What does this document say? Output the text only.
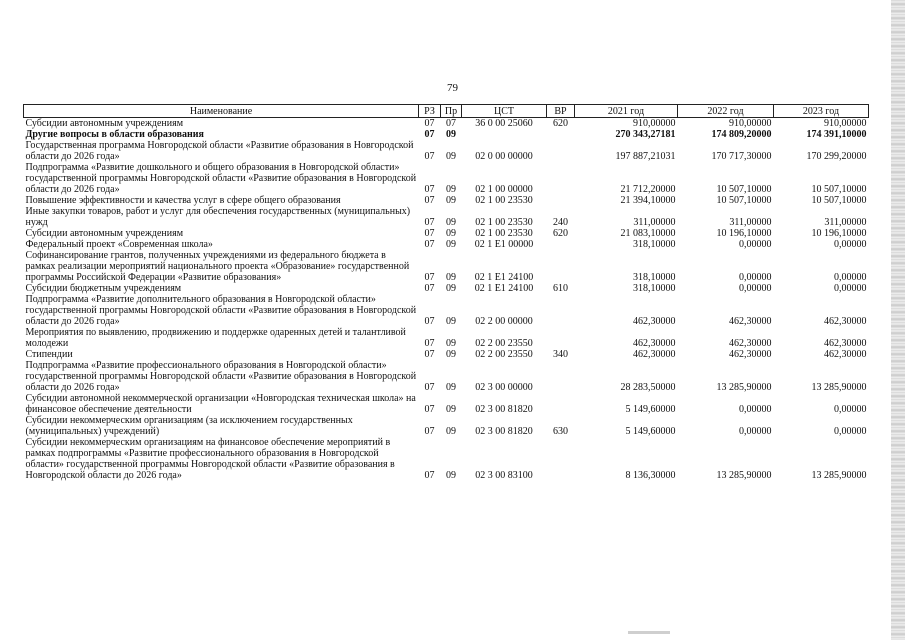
79
Наименование	РЗ	Пр	ЦСТ	ВР	2021 год	2022 год	2023 год
Субсидии автономным учреждениям	07	07	36 0 00 25060	620	910,00000	910,00000	910,00000
Другие вопросы в области образования	07	09			270 343,27181	174 809,20000	174 391,10000
Государственная программа Новгородской области «Развитие образования в Новгородской области до 2026 года»	07	09	02 0 00 00000		197 887,21031	170 717,30000	170 299,20000
Подпрограмма «Развитие дошкольного и общего образования в Новгородской области» государственной программы Новгородской области «Развитие образования в Новгородской области до 2026 года»	07	09	02 1 00 00000		21 712,20000	10 507,10000	10 507,10000
Повышение эффективности и качества услуг в сфере общего образования	07	09	02 1 00 23530		21 394,10000	10 507,10000	10 507,10000
Иные закупки товаров, работ и услуг для обеспечения государственных (муниципальных) нужд	07	09	02 1 00 23530	240	311,00000	311,00000	311,00000
Субсидии автономным учреждениям	07	09	02 1 00 23530	620	21 083,10000	10 196,10000	10 196,10000
Федеральный проект «Современная школа»	07	09	02 1 E1 00000		318,10000	0,00000	0,00000
Софинансирование грантов, полученных учреждениями из федерального бюджета в рамках реализации мероприятий национального проекта «Образование» государственной программы Российской Федерации «Развитие образования»	07	09	02 1 E1 24100		318,10000	0,00000	0,00000
Субсидии бюджетным учреждениям	07	09	02 1 E1 24100	610	318,10000	0,00000	0,00000
Подпрограмма «Развитие дополнительного образования в Новгородской области» государственной программы Новгородской области «Развитие образования в Новгородской области до 2026 года»	07	09	02 2 00 00000		462,30000	462,30000	462,30000
Мероприятия по выявлению, продвижению и поддержке одаренных детей и талантливой молодежи	07	09	02 2 00 23550		462,30000	462,30000	462,30000
Стипендии	07	09	02 2 00 23550	340	462,30000	462,30000	462,30000
Подпрограмма «Развитие профессионального образования в Новгородской области» государственной программы Новгородской области «Развитие образования в Новгородской области до 2026 года»	07	09	02 3 00 00000		28 283,50000	13 285,90000	13 285,90000
Субсидии автономной некоммерческой организации «Новгородская техническая школа» на финансовое обеспечение деятельности	07	09	02 3 00 81820		5 149,60000	0,00000	0,00000
Субсидии некоммерческим организациям (за исключением государственных (муниципальных) учреждений)	07	09	02 3 00 81820	630	5 149,60000	0,00000	0,00000
Субсидии некоммерческим организациям на финансовое обеспечение мероприятий в рамках подпрограммы «Развитие профессионального образования в Новгородской области» государственной программы Новгородской области «Развитие образования в Новгородской области до 2026 года»	07	09	02 3 00 83100		8 136,30000	13 285,90000	13 285,90000
